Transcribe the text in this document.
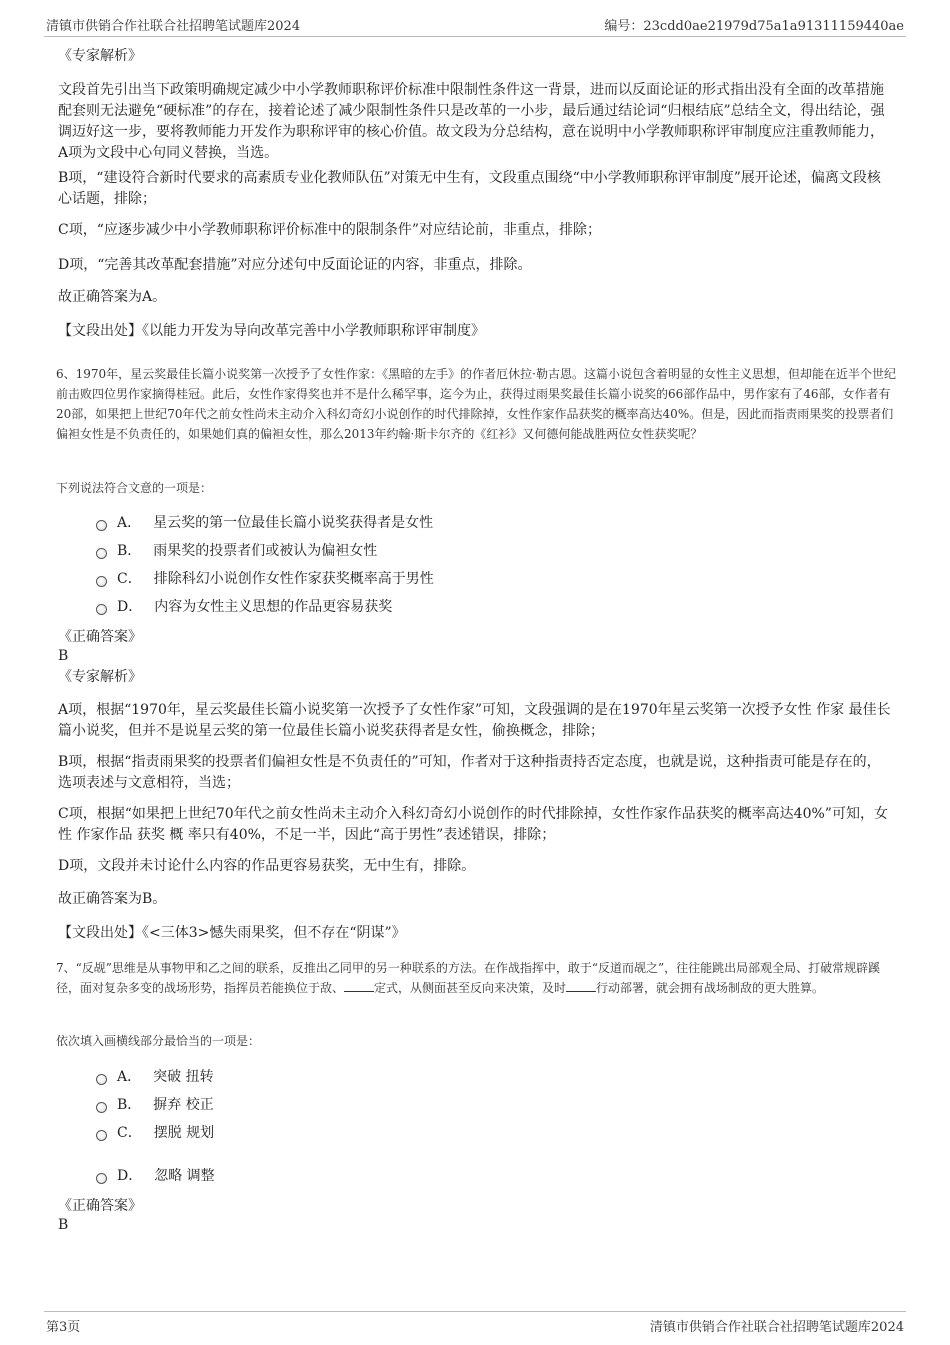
清镇市供销合作社联合社招聘笔试题库2024	编号：23cdd0ae21979d75a1a91311159440ae
《专家解析》
文段首先引出当下政策明确规定减少中小学教师职称评价标准中限制性条件这一背景，进而以反面论证的形式指出没有全面的改革措施配套则无法避免“硬标准”的存在，接着论述了减少限制性条件只是改革的一小步，最后通过结论词“归根结底”总结全文，得出结论，强调迈好这一步，要将教师能力开发作为职称评审的核心价值。故文段为分总结构，意在说明中小学教师职称评审制度应注重教师能力，A项为文段中心句同义替换，当选。
B项，“建设符合新时代要求的高素质专业化教师队伍”对策无中生有，文段重点围绕“中小学教师职称评审制度”展开论述，偏离文段核心话题，排除；
C项，“应逐步减少中小学教师职称评价标准中的限制条件”对应结论前，非重点，排除；
D项，“完善其改革配套措施”对应分述句中反面论证的内容，非重点，排除。
故正确答案为A。
【文段出处】《以能力开发为导向改革完善中小学教师职称评审制度》
6、1970年，星云奖最佳长篇小说奖第一次授予了女性作家：《黑暗的左手》的作者厄休拉·勒古恩。这篇小说包含着明显的女性主义思想，但却能在近半个世纪前击败四位男作家摘得桂冠。此后，女性作家得奖也并不是什么稀罕事，迄今为止，获得过雨果奖最佳长篇小说奖的66部作品中，男作家有了46部，女作者有20部，如果把上世纪70年代之前女性尚未主动介入科幻奇幻小说创作的时代排除掉，女性作家作品获奖的概率高达40%。但是，因此而指责雨果奖的投票者们偏袒女性是不负责任的，如果她们真的偏袒女性，那么2013年约翰·斯卡尔齐的《红衫》又何德何能战胜两位女性获奖呢？
下列说法符合文意的一项是：
A． 星云奖的第一位最佳长篇小说奖获得者是女性
B． 雨果奖的投票者们或被认为偏袒女性
C． 排除科幻小说创作女性作家获奖概率高于男性
D． 内容为女性主义思想的作品更容易获奖
《正确答案》
B
《专家解析》
A项，根据“1970年，星云奖最佳长篇小说奖第一次授予了女性作家”可知，文段强调的是在1970年星云奖第一次授予女性 作家 最佳长篇小说奖，但并不是说星云奖的第一位最佳长篇小说奖获得者是女性，偷换概念，排除；
B项，根据“指责雨果奖的投票者们偏袒女性是不负责任的”可知，作者对于这种指责持否定态度，也就是说，这种指责可能是存在的，选项表述与文意相符，当选；
C项，根据“如果把上世纪70年代之前女性尚未主动介入科幻奇幻小说创作的时代排除掉，女性作家作品获奖的概率高达40%”可知，女性 作家作品 获奖 概 率只有40%，不足一半，因此“高于男性”表述错误，排除；
D项，文段并未讨论什么内容的作品更容易获奖，无中生有，排除。
故正确答案为B。
【文段出处】《<三体3>憾失雨果奖，但不存在“阴谋”》
7、“反觇”思维是从事物甲和乙之间的联系，反推出乙同甲的另一种联系的方法。在作战指挥中，敢于“反道而觇之”，往往能跳出局部观全局、打破常规辟蹊径，面对复杂多变的战场形势，指挥员若能换位于敌、	定式，从侧面甚至反向来决策，及时	行动部署，就会拥有战场制敌的更大胜算。
依次填入画横线部分最恰当的一项是：
A． 突破 扭转
B． 摒弃 校正
C． 摆脱 规划
D． 忽略 调整
《正确答案》
B
第3页	清镇市供销合作社联合社招聘笔试题库2024
